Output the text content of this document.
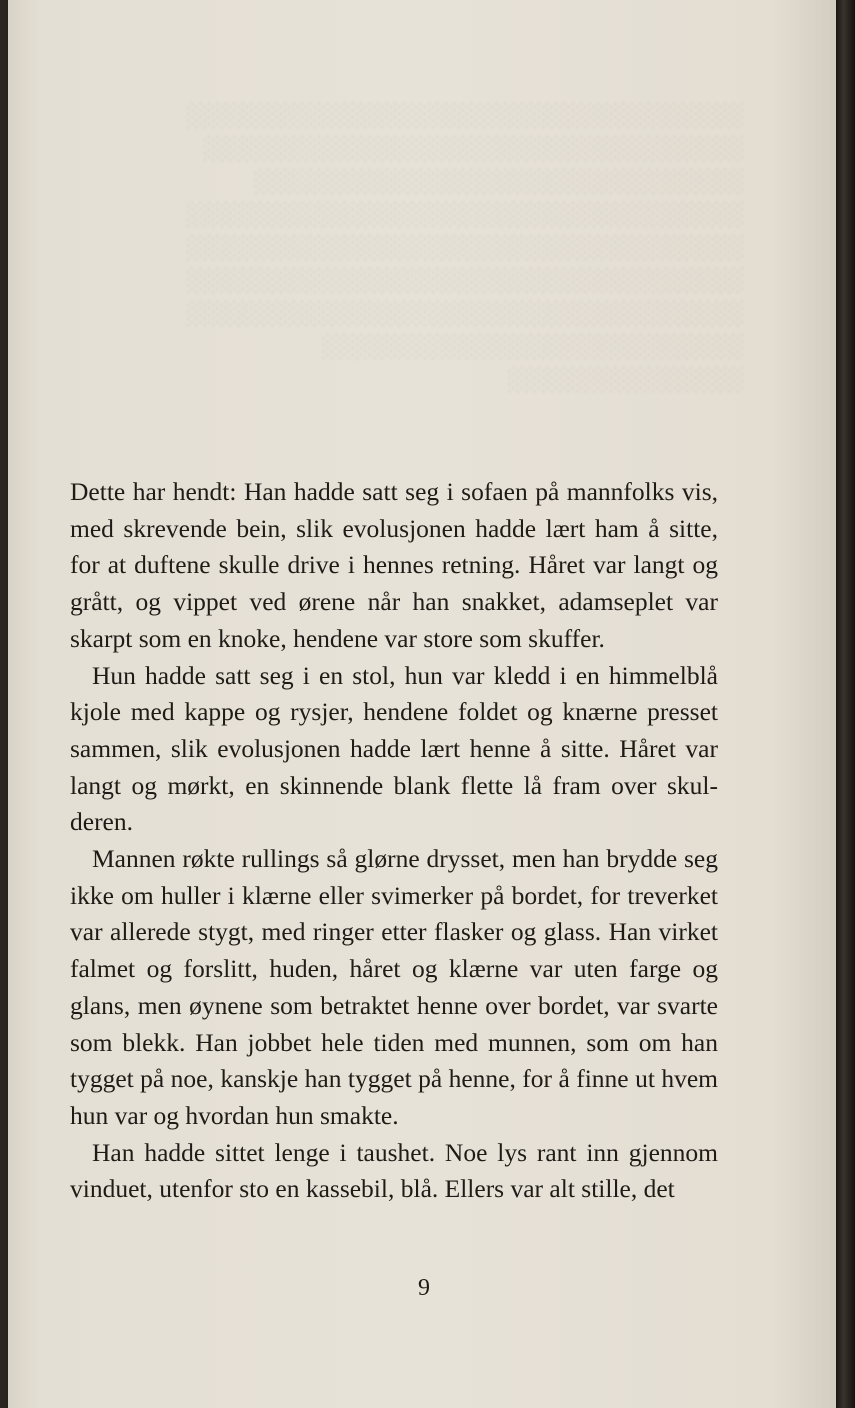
░░░░░░░░░░░░░░░░░░░░░░░░░░░░░░░░░
░░░░░░░░░░░░░░░░░░░░░░░░░░░░░░░░
░░░░░░░░░░░░░░░░░░░░░░░░░░░░░
░░░░░░░░░░░░░░░░░░░░░░░░░░░░░░░░░
░░░░░░░░░░░░░░░░░░░░░░░░░░░░░░░░░
░░░░░░░░░░░░░░░░░░░░░░░░░░░░░░░░░
░░░░░░░░░░░░░░░░░░░░░░░░░░░░░░░░░
░░░░░░░░░░░░░░░░░░░░░░░░░
░░░░░░░░░░░░░░

Dette har hendt: Han hadde satt seg i sofaen på mannfolks vis, med skrevende bein, slik evolusjonen hadde lært ham å sitte, for at duftene skulle drive i hennes retning. Håret var langt og grått, og vippet ved ørene når han snakket, adamseplet var skarpt som en knoke, hendene var store som skuffer.

Hun hadde satt seg i en stol, hun var kledd i en himmelblå kjole med kappe og rysjer, hendene foldet og knærne presset sammen, slik evolusjonen hadde lært henne å sitte. Håret var langt og mørkt, en skinnende blank flette lå fram over skulderen.

Mannen røkte rullings så glørne drysset, men han brydde seg ikke om huller i klærne eller svimerker på bordet, for treverket var allerede stygt, med ringer etter flasker og glass. Han virket falmet og forslitt, huden, håret og klærne var uten farge og glans, men øynene som betraktet henne over bordet, var svarte som blekk. Han jobbet hele tiden med munnen, som om han tygget på noe, kanskje han tygget på henne, for å finne ut hvem hun var og hvordan hun smakte.

Han hadde sittet lenge i taushet. Noe lys rant inn gjennom vinduet, utenfor sto en kassebil, blå. Ellers var alt stille, det

9
